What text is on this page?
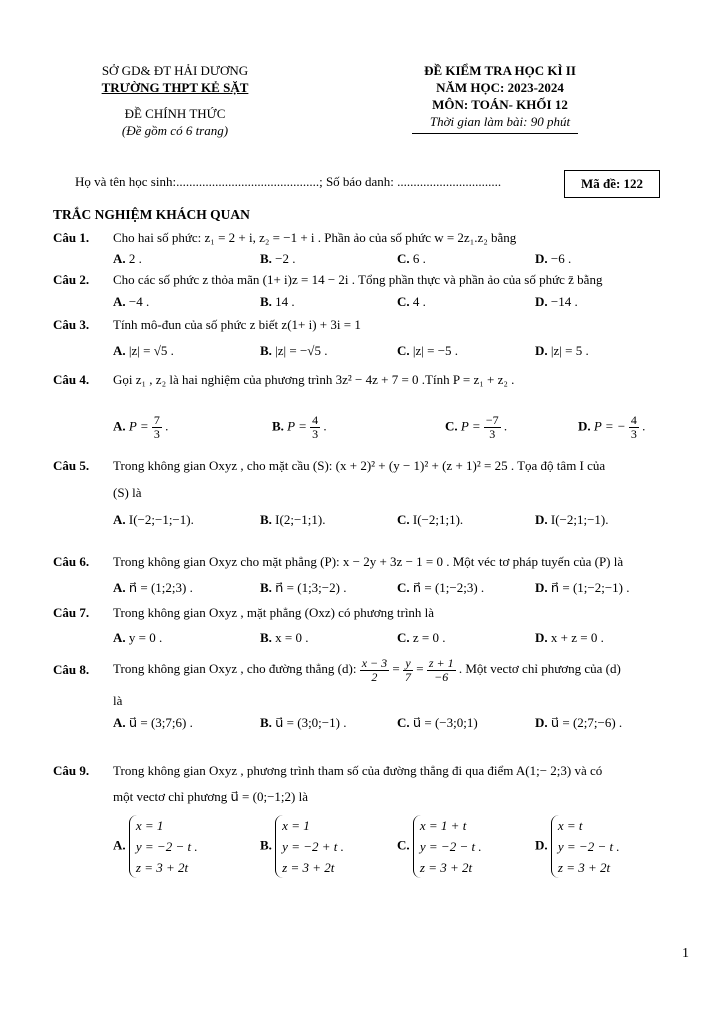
SỞ GD& ĐT HẢI DƯƠNG
TRƯỜNG THPT KẺ SẶT
ĐỀ CHÍNH THỨC
(Đề gồm có 6 trang)
ĐỀ KIỂM TRA HỌC KÌ II
NĂM HỌC: 2023-2024
MÔN: TOÁN- KHỐI 12
Thời gian làm bài: 90 phút
Họ và tên học sinh:............................................; Số báo danh: ................................	Mã đề: 122
TRẮC NGHIỆM KHÁCH QUAN
Câu 1. Cho hai số phức: z₁ = 2 + i, z₂ = −1 + i . Phần ảo của số phức w = 2z₁.z₂ bằng
A. 2 .	B. −2 .	C. 6 .	D. −6 .
Câu 2. Cho các số phức z thỏa mãn (1+ i)z = 14 − 2i . Tổng phần thực và phần ảo của số phức z̄ bằng
A. −4 .	B. 14 .	C. 4 .	D. −14 .
Câu 3. Tính mô-đun của số phức z biết z(1+ i) + 3i = 1
A. |z| = √5 .	B. |z| = −√5 .	C. |z| = −5 .	D. |z| = 5 .
Câu 4. Gọi z₁ , z₂ là hai nghiệm của phương trình 3z² − 4z + 7 = 0 .Tính P = z₁ + z₂ .
A. $P = \frac{7}{3}$ .	B. $P = \frac{4}{3}$ .	C. $P = \frac{-7}{3}$ .	D. P = − $\frac{4}{3}$ .
Câu 5. Trong không gian Oxyz , cho mặt cầu (S): (x + 2)² + (y − 1)² + (z + 1)² = 25 . Tọa độ tâm I của
(S) là
A. I(−2;−1;−1).	B. I(2;−1;1).	C. I(−2;1;1).	D. I(−2;1;−1).
Câu 6. Trong không gian Oxyz cho mặt phẳng (P): x − 2y + 3z − 1 = 0 . Một véc tơ pháp tuyến của (P) là
A. n⃗ = (1;2;3) .	B. n⃗ = (1;3;−2) .	C. n⃗ = (1;−2;3) .	D. n⃗ = (1;−2;−1) .
Câu 7. Trong không gian Oxyz , mặt phẳng (Oxz) có phương trình là
A. y = 0 .	B. x = 0 .	C. z = 0 .	D. x + z = 0 .
Câu 8. Trong không gian Oxyz , cho đường thẳng (d): $\frac{x - 3}{2} = \frac{y}{7} = \frac{z + 1}{-6}$ . Một vectơ chỉ phương của (d)
là
A. u⃗ = (3;7;6) .	B. u⃗ = (3;0;−1) .	C. u⃗ = (−3;0;1)	D. u⃗ = (2;7;−6) .
Câu 9. Trong không gian Oxyz , phương trình tham số của đường thẳng đi qua điểm A(1;− 2;3) và có
một vectơ chỉ phương u⃗ = (0;−1;2) là
A.
x = 1
y = −2 − t .
z = 3 + 2t
B.
x = 1
y = −2 + t .
z = 3 + 2t
C.
x = 1 + t
y = −2 − t .
z = 3 + 2t
D.
x = t
y = −2 − t .
z = 3 + 2t
1
